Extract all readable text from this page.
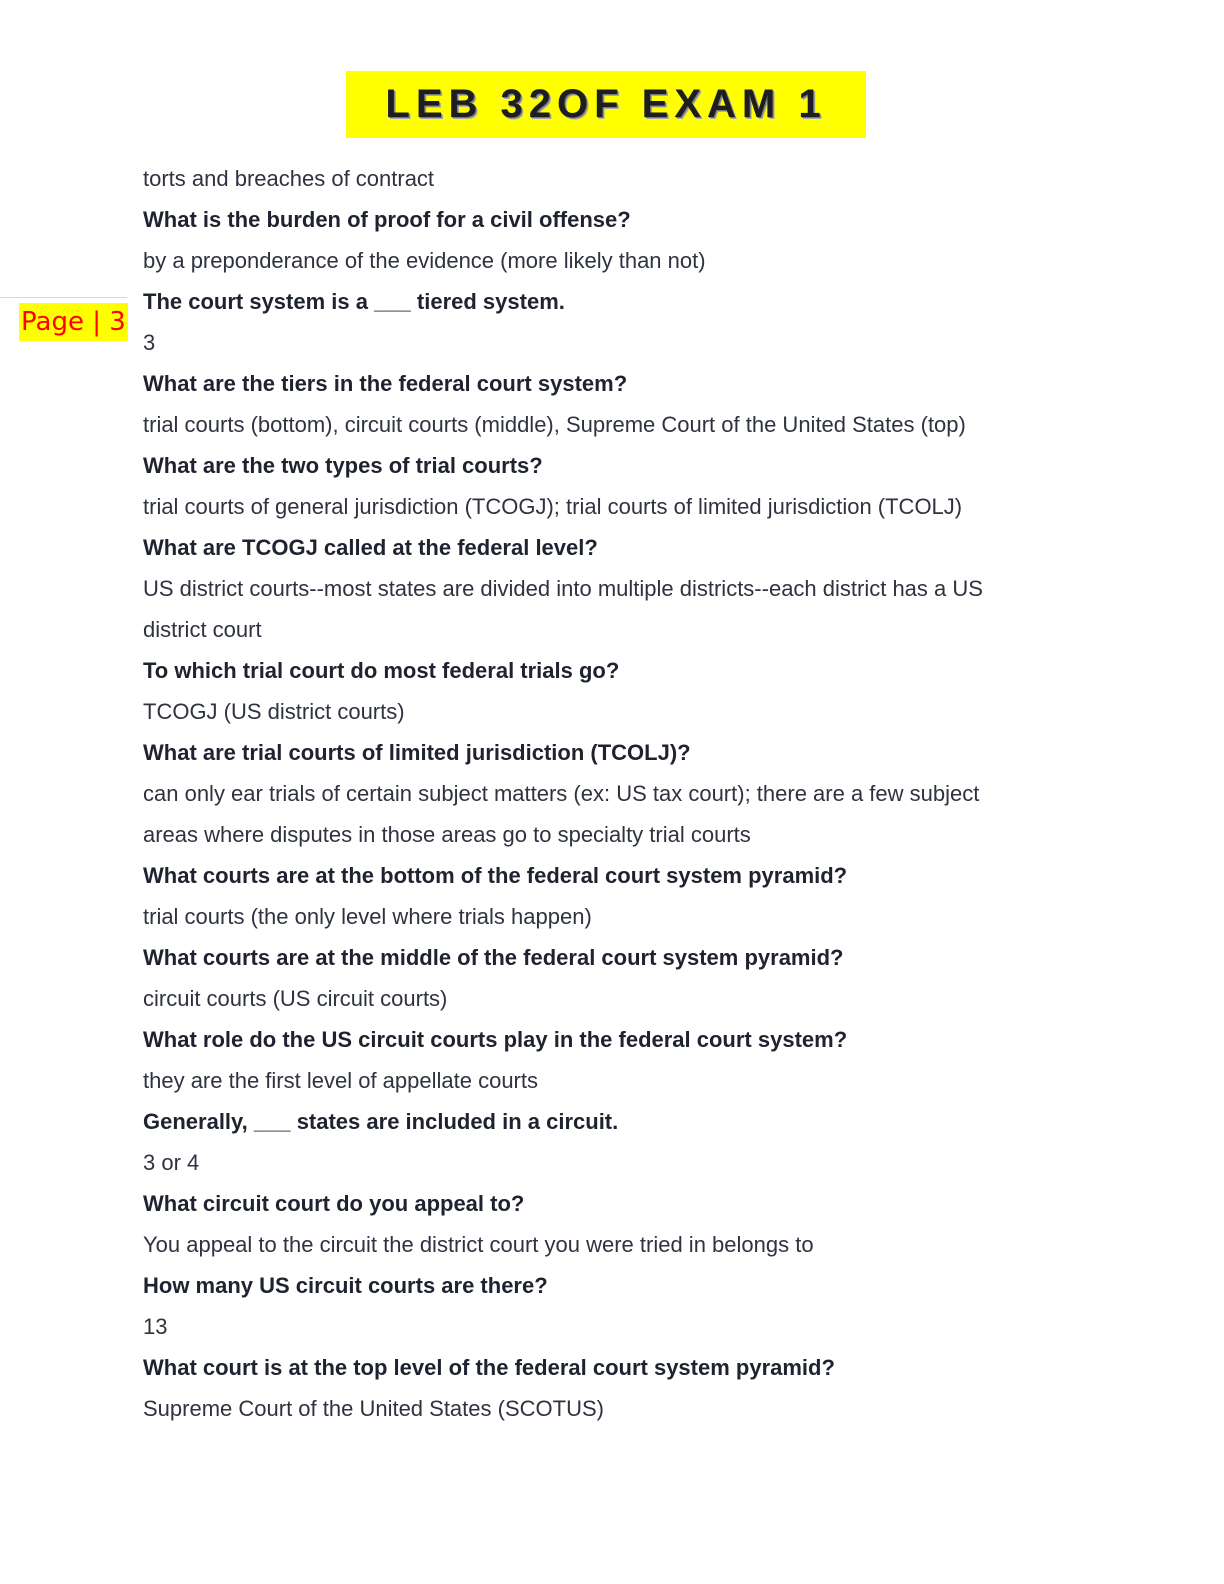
LEB 32OF EXAM 1
Page | 3
torts and breaches of contract
What is the burden of proof for a civil offense?
by a preponderance of the evidence (more likely than not)
The court system is a ___ tiered system.
3
What are the tiers in the federal court system?
trial courts (bottom), circuit courts (middle), Supreme Court of the United States (top)
What are the two types of trial courts?
trial courts of general jurisdiction (TCOGJ); trial courts of limited jurisdiction (TCOLJ)
What are TCOGJ called at the federal level?
US district courts--most states are divided into multiple districts--each district has a US
district court
To which trial court do most federal trials go?
TCOGJ (US district courts)
What are trial courts of limited jurisdiction (TCOLJ)?
can only ear trials of certain subject matters (ex: US tax court); there are a few subject
areas where disputes in those areas go to specialty trial courts
What courts are at the bottom of the federal court system pyramid?
trial courts (the only level where trials happen)
What courts are at the middle of the federal court system pyramid?
circuit courts (US circuit courts)
What role do the US circuit courts play in the federal court system?
they are the first level of appellate courts
Generally, ___ states are included in a circuit.
3 or 4
What circuit court do you appeal to?
You appeal to the circuit the district court you were tried in belongs to
How many US circuit courts are there?
13
What court is at the top level of the federal court system pyramid?
Supreme Court of the United States (SCOTUS)
